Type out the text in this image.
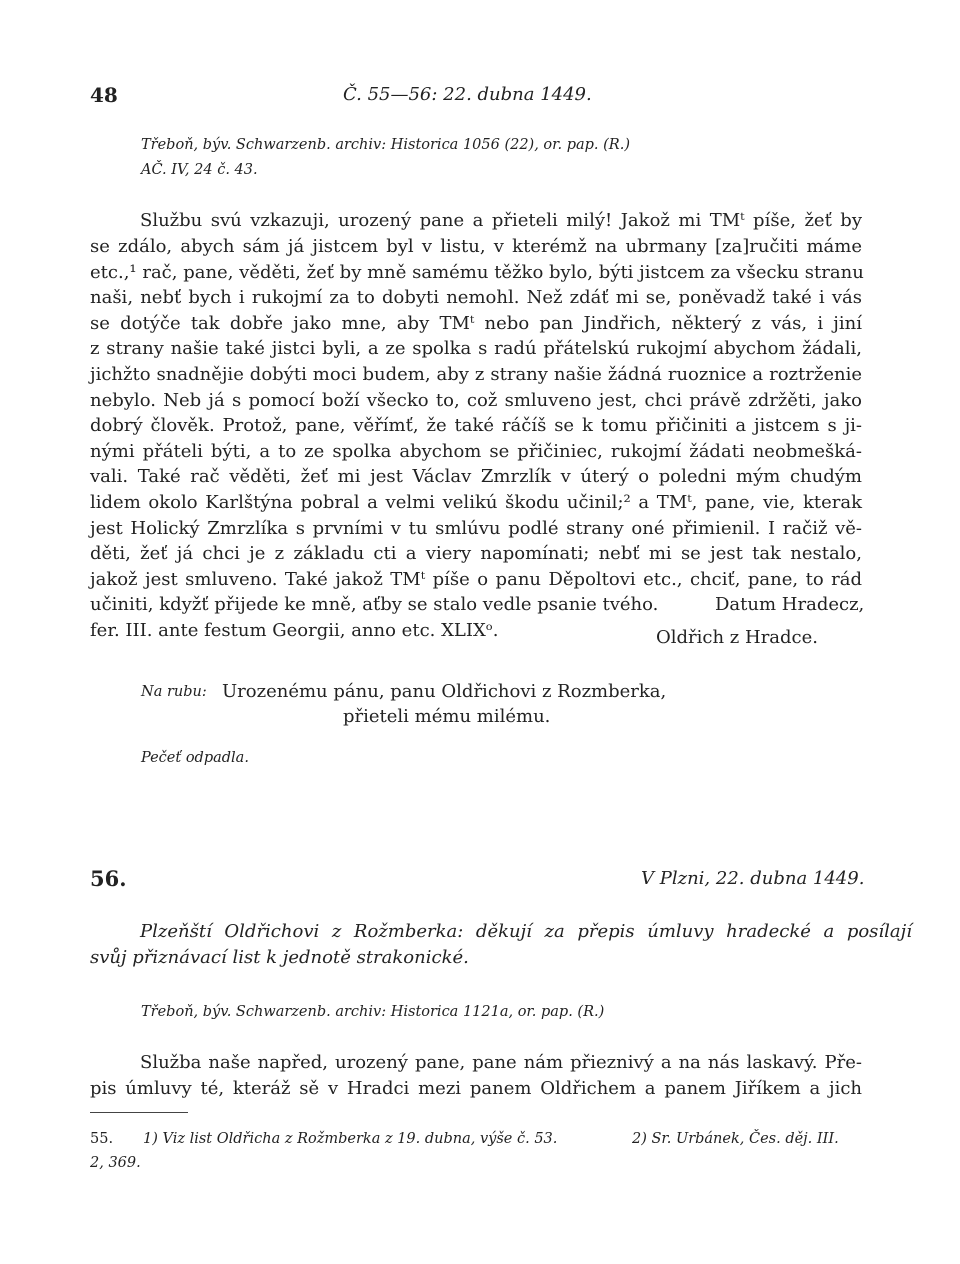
48	Č. 55—56: 22. dubna 1449.
Třeboň, býv. Schwarzenb. archiv: Historica 1056 (22), or. pap. (R.)
AČ. IV, 24 č. 43.
Službu svú vzkazuji, urozený pane a přieteli milý! Jakož mi TMᵗ píše, žeť by
se zdálo, abych sám já jistcem byl v listu, v kterémž na ubrmany [za]ručiti máme
etc.,¹ rač, pane, věděti, žeť by mně samému těžko bylo, býti jistcem za všecku stranu
naši, nebť bych i rukojmí za to dobyti nemohl. Než zdáť mi se, poněvadž také i vás
se dotýče tak dobře jako mne, aby TMᵗ nebo pan Jindřich, některý z vás, i jiní
z strany našie také jistci byli, a ze spolka s radú přátelskú rukojmí abychom žádali,
jichžto snadnějie dobýti moci budem, aby z strany našie žádná ruoznice a roztrženie
nebylo. Neb já s pomocí boží všecko to, což smluveno jest, chci právě zdržěti, jako
dobrý člověk. Protož, pane, věřímť, že také ráčíš se k tomu přičiniti a jistcem s ji-
nými přáteli býti, a to ze spolka abychom se přičiniec, rukojmí žádati neobmešká-
vali. Také rač věděti, žeť mi jest Václav Zmrzlík v úterý o poledni mým chudým
lidem okolo Karlštýna pobral a velmi velikú škodu učinil;² a TMᵗ, pane, vie, kterak
jest Holický Zmrzlíka s prvními v tu smlúvu podlé strany oné přimienil. I račiž vě-
děti, žeť já chci je z základu cti a viery napomínati; nebť mi se jest tak nestalo,
jakož jest smluveno. Také jakož TMᵗ píše o panu Děpoltovi etc., chciť, pane, to rád
učiniti, kdyžť přijede ke mně, aťby se stalo vedle psanie tvého.	Datum Hradecz,
fer. III. ante festum Georgii, anno etc. XLIXᵒ.	Oldřich z Hradce.
Na rubu: Urozenému pánu, panu Oldřichovi z Rozmberka,
přieteli mému milému.
Pečeť odpadla.
56.	V Plzni, 22. dubna 1449.
Plzeňští Oldřichovi z Rožmberka: děkují za přepis úmluvy hradecké a posílají
svůj přiznávací list k jednotě strakonické.
Třeboň, býv. Schwarzenb. archiv: Historica 1121a, or. pap. (R.)
Služba naše napřed, urozený pane, pane nám přieznivý a na nás laskavý. Pře-
pis úmluvy té, kteráž sě v Hradci mezi panem Oldřichem a panem Jiříkem a jich
55. 1) Viz list Oldřicha z Rožmberka z 19. dubna, výše č. 53.	2) Sr. Urbánek, Čes. děj. III.
2, 369.
